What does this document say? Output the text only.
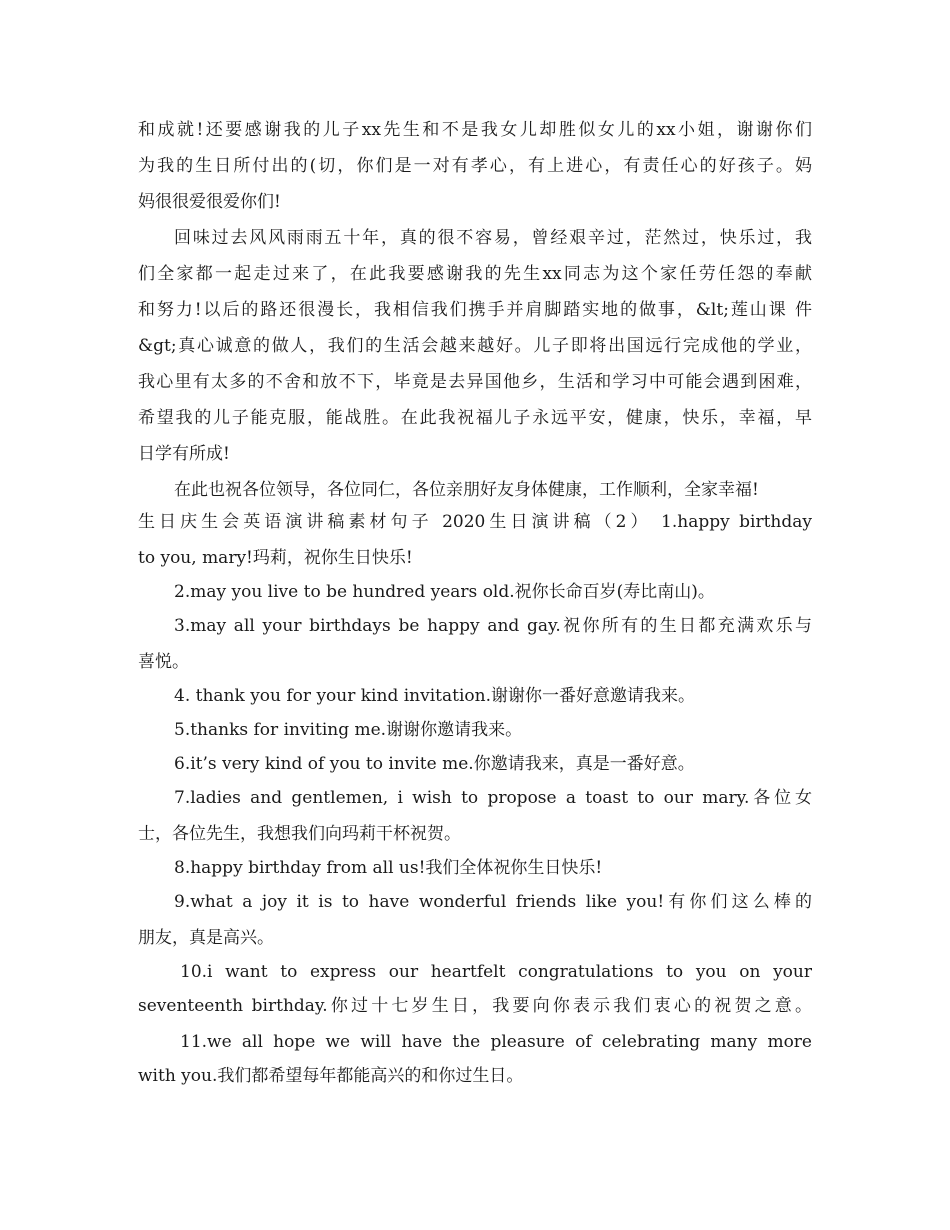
和成就!还要感谢我的儿子xx先生和不是我女儿却胜似女儿的xx小姐，谢谢你们
为我的生日所付出的(切，你们是一对有孝心，有上进心，有责任心的好孩子。妈
妈很很爱很爱你们!
回味过去风风雨雨五十年，真的很不容易，曾经艰辛过，茫然过，快乐过，我
们全家都一起走过来了，在此我要感谢我的先生xx同志为这个家任劳任怨的奉献
和努力!以后的路还很漫长，我相信我们携手并肩脚踏实地的做事，&lt;莲山课 件
&gt;真心诚意的做人，我们的生活会越来越好。儿子即将出国远行完成他的学业，
我心里有太多的不舍和放不下，毕竟是去异国他乡，生活和学习中可能会遇到困难，
希望我的儿子能克服，能战胜。在此我祝福儿子永远平安，健康，快乐，幸福，早
日学有所成!
在此也祝各位领导，各位同仁，各位亲朋好友身体健康，工作顺利，全家幸福!
生日庆生会英语演讲稿素材句子 2020生日演讲稿（2） 1.happy birthday
to you, mary!玛莉，祝你生日快乐!
2.may you live to be hundred years old.祝你长命百岁(寿比南山)。
3.may all your birthdays be happy and gay.祝你所有的生日都充满欢乐与
喜悦。
4. thank you for your kind invitation.谢谢你一番好意邀请我来。
5.thanks for inviting me.谢谢你邀请我来。
6.it’s very kind of you to invite me.你邀请我来，真是一番好意。
7.ladies and gentlemen, i wish to propose a toast to our mary.各位女
士，各位先生，我想我们向玛莉干杯祝贺。
8.happy birthday from all us!我们全体祝你生日快乐!
9.what a joy it is to have wonderful friends like you!有你们这么棒的
朋友，真是高兴。
10.i want to express our heartfelt congratulations to you on your
seventeenth birthday.你过十七岁生日，我要向你表示我们衷心的祝贺之意。
11.we all hope we will have the pleasure of celebrating many more
with you.我们都希望每年都能高兴的和你过生日。
